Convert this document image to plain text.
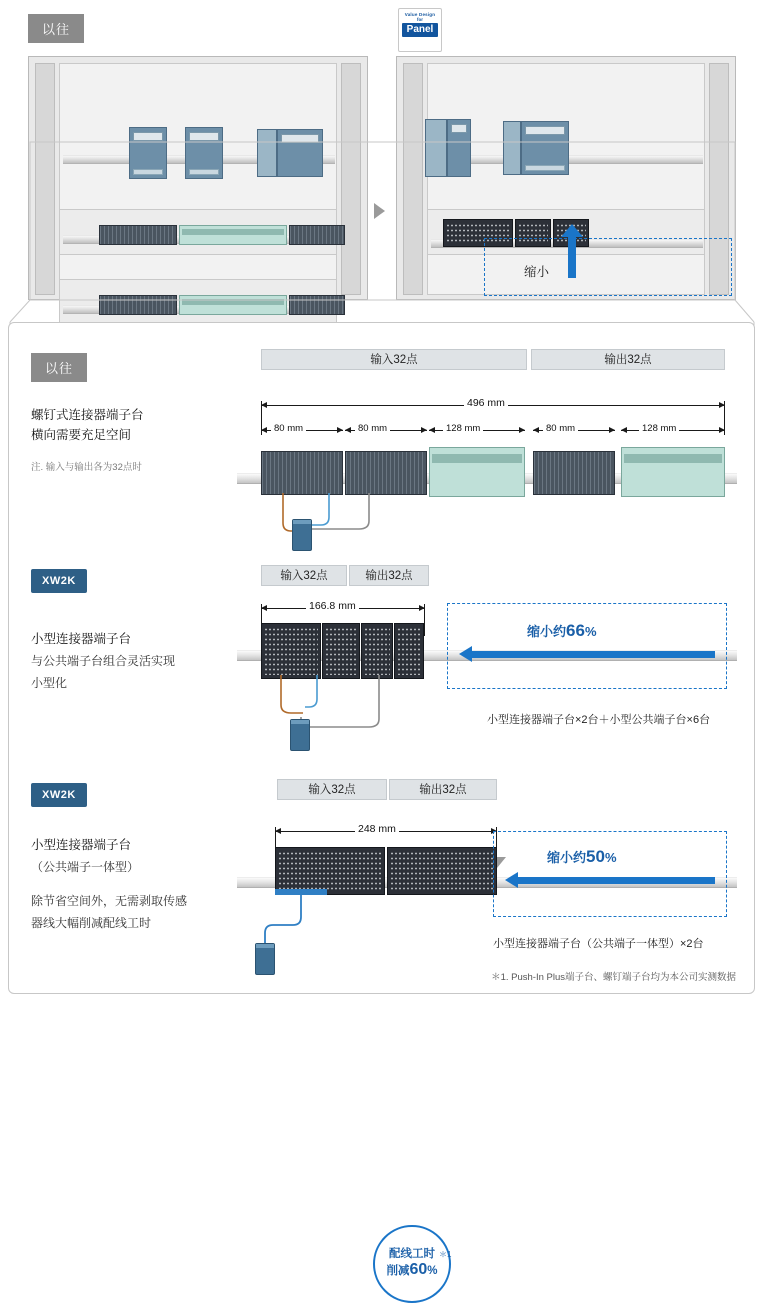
以往
Value Design
for
Panel
缩小
以往
螺钉式连接器端子台
横向需要充足空间
注. 输入与输出各为32点时
输入32点	输出32点
496 mm
80 mm	80 mm	128 mm	80 mm	128 mm
XW2K
小型连接器端子台
与公共端子台组合灵活实现
小型化
输入32点	输出32点
166.8 mm
缩小约66%
小型连接器端子台×2台＋小型公共端子台×6台
XW2K
小型连接器端子台
（公共端子一体型）
除节省空间外，无需剥取传感
器线大幅削减配线工时
输入32点	输出32点
248 mm
缩小约50%
小型连接器端子台（公共端子一体型）×2台
配线工时
削减60%
＊1
＊1. Push-In Plus端子台、螺钉端子台均为本公司实测数据
